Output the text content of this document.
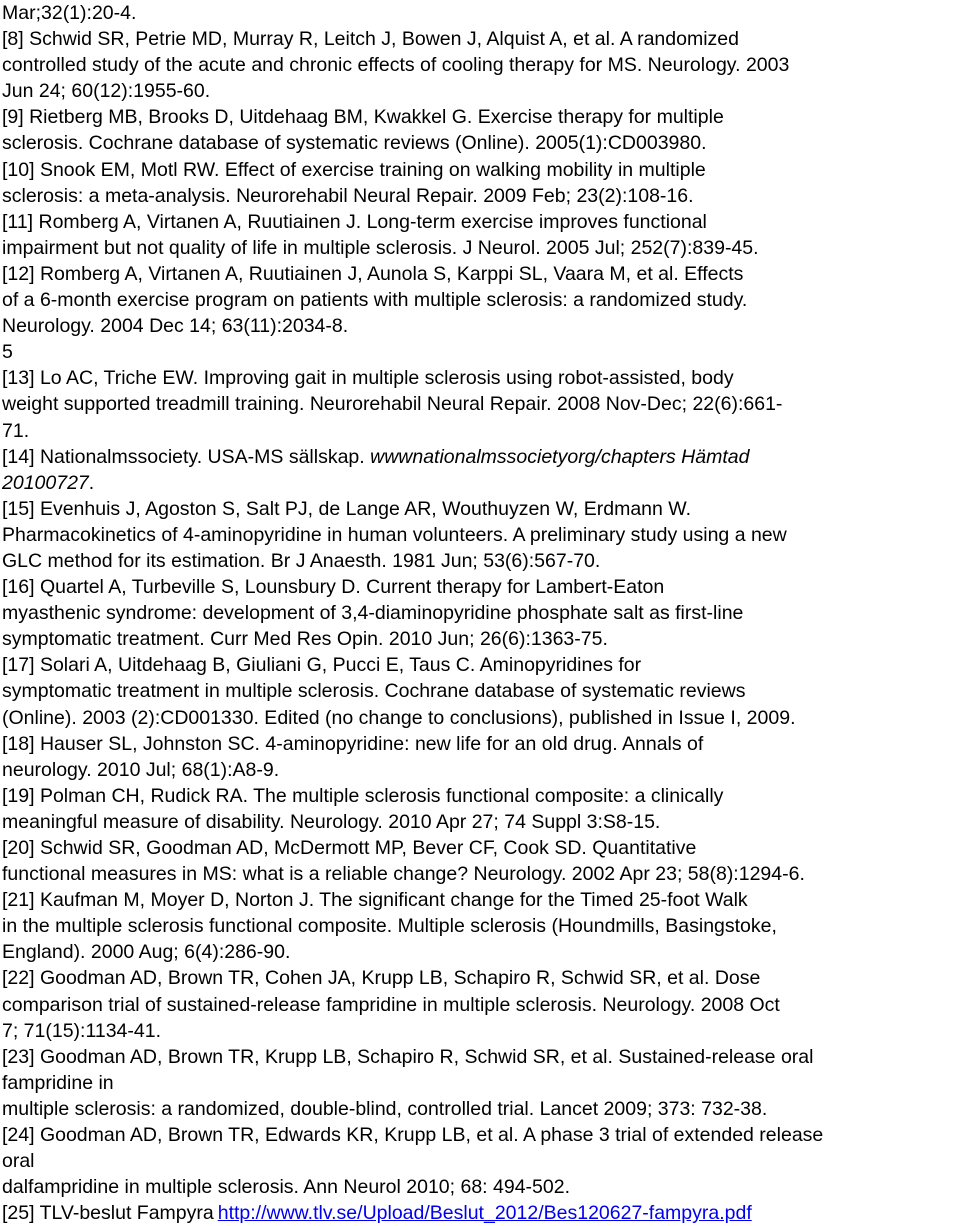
Mar;32(1):20-4.
[8] Schwid SR, Petrie MD, Murray R, Leitch J, Bowen J, Alquist A, et al. A randomized
controlled study of the acute and chronic effects of cooling therapy for MS. Neurology. 2003
Jun 24; 60(12):1955-60.
[9] Rietberg MB, Brooks D, Uitdehaag BM, Kwakkel G. Exercise therapy for multiple
sclerosis. Cochrane database of systematic reviews (Online). 2005(1):CD003980.
[10] Snook EM, Motl RW. Effect of exercise training on walking mobility in multiple
sclerosis: a meta-analysis. Neurorehabil Neural Repair. 2009 Feb; 23(2):108-16.
[11] Romberg A, Virtanen A, Ruutiainen J. Long-term exercise improves functional
impairment but not quality of life in multiple sclerosis. J Neurol. 2005 Jul; 252(7):839-45.
[12] Romberg A, Virtanen A, Ruutiainen J, Aunola S, Karppi SL, Vaara M, et al. Effects
of a 6-month exercise program on patients with multiple sclerosis: a randomized study.
Neurology. 2004 Dec 14; 63(11):2034-8.
5
[13] Lo AC, Triche EW. Improving gait in multiple sclerosis using robot-assisted, body
weight supported treadmill training. Neurorehabil Neural Repair. 2008 Nov-Dec; 22(6):661-
71.
[14] Nationalmssociety. USA-MS sällskap. wwwnationalmssocietyorg/chapters Hämtad
20100727.
[15] Evenhuis J, Agoston S, Salt PJ, de Lange AR, Wouthuyzen W, Erdmann W.
Pharmacokinetics of 4-aminopyridine in human volunteers. A preliminary study using a new
GLC method for its estimation. Br J Anaesth. 1981 Jun; 53(6):567-70.
[16] Quartel A, Turbeville S, Lounsbury D. Current therapy for Lambert-Eaton
myasthenic syndrome: development of 3,4-diaminopyridine phosphate salt as first-line
symptomatic treatment. Curr Med Res Opin. 2010 Jun; 26(6):1363-75.
[17] Solari A, Uitdehaag B, Giuliani G, Pucci E, Taus C. Aminopyridines for
symptomatic treatment in multiple sclerosis. Cochrane database of systematic reviews
(Online). 2003 (2):CD001330. Edited (no change to conclusions), published in Issue I, 2009.
[18] Hauser SL, Johnston SC. 4-aminopyridine: new life for an old drug. Annals of
neurology. 2010 Jul; 68(1):A8-9.
[19] Polman CH, Rudick RA. The multiple sclerosis functional composite: a clinically
meaningful measure of disability. Neurology. 2010 Apr 27; 74 Suppl 3:S8-15.
[20] Schwid SR, Goodman AD, McDermott MP, Bever CF, Cook SD. Quantitative
functional measures in MS: what is a reliable change? Neurology. 2002 Apr 23; 58(8):1294-6.
[21] Kaufman M, Moyer D, Norton J. The significant change for the Timed 25-foot Walk
in the multiple sclerosis functional composite. Multiple sclerosis (Houndmills, Basingstoke,
England). 2000 Aug; 6(4):286-90.
[22] Goodman AD, Brown TR, Cohen JA, Krupp LB, Schapiro R, Schwid SR, et al. Dose
comparison trial of sustained-release fampridine in multiple sclerosis. Neurology. 2008 Oct
7; 71(15):1134-41.
[23] Goodman AD, Brown TR, Krupp LB, Schapiro R, Schwid SR, et al. Sustained-release oral
fampridine in
multiple sclerosis: a randomized, double-blind, controlled trial. Lancet 2009; 373: 732-38.
[24] Goodman AD, Brown TR, Edwards KR, Krupp LB, et al. A phase 3 trial of extended release
oral
dalfampridine in multiple sclerosis. Ann Neurol 2010; 68: 494-502.
[25] TLV-beslut Fampyra http://www.tlv.se/Upload/Beslut_2012/Bes120627-fampyra.pdf
